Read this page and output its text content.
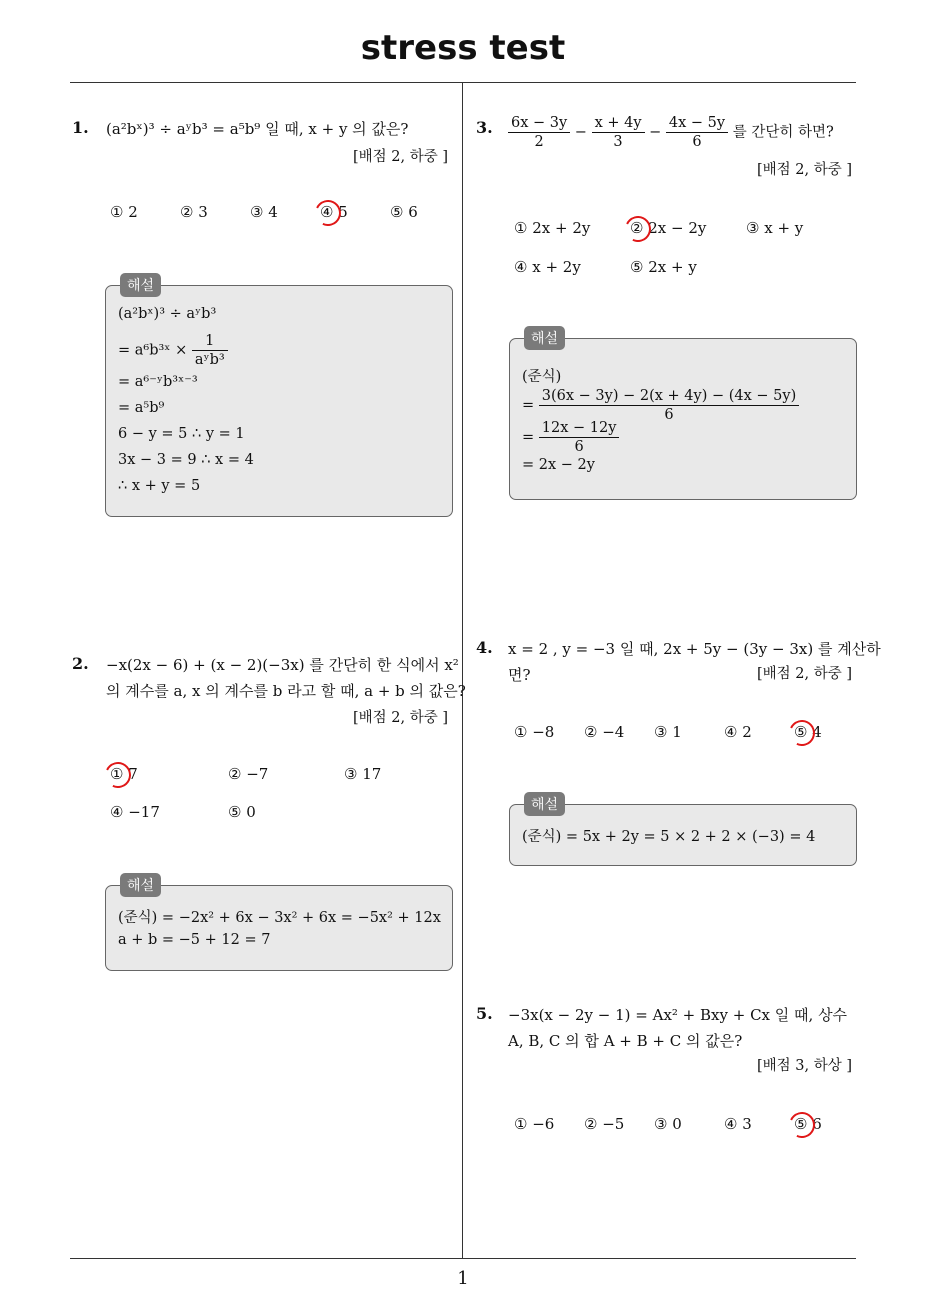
stress test
1
1. (a²bˣ)³ ÷ aʸb³ = a⁵b⁹ 일 때, x + y 의 값은?
[배점 2, 하중 ]
① 2	② 3	③ 4	④ 5	⑤ 6
(a²bˣ)³ ÷ aʸb³
= a⁶b³ˣ × $\frac{1}{\text{aʸb³}}$
= a⁶⁻ʸb³ˣ⁻³
= a⁵b⁹
6 − y = 5 ∴ y = 1
3x − 3 = 9 ∴ x = 4
∴ x + y = 5
해설
2. −x(2x − 6) + (x − 2)(−3x) 를 간단히 한 식에서 x²
의 계수를 a, x 의 계수를 b 라고 할 때, a + b 의 값은?
[배점 2, 하중 ]
① 7	② −7	③ 17
④ −17	⑤ 0
(준식) = −2x² + 6x − 3x² + 6x = −5x² + 12x
a + b = −5 + 12 = 7
해설
3. $\frac{6x - 3y}{2} - \frac{x + 4y}{3} - \frac{4x - 5y}{6}$ 를 간단히 하면?
[배점 2, 하중 ]
① 2x + 2y	② 2x − 2y	③ x + y
④ x + 2y	⑤ 2x + y
(준식)
= $\frac{3(6x - 3y) - 2(x + 4y) - (4x - 5y)}{6}$
= $\frac{12x - 12y}{6}$
= 2x − 2y
해설
4. x = 2 , y = −3 일 때, 2x + 5y − (3y − 3x) 를 계산하
면?	[배점 2, 하중 ]
① −8 ② −4 ③ 1	④ 2	⑤ 4
(준식) = 5x + 2y = 5 × 2 + 2 × (−3) = 4
해설
5. −3x(x − 2y − 1) = Ax² + Bxy + Cx 일 때, 상수
A, B, C 의 합 A + B + C 의 값은?
[배점 3, 하상 ]
① −6 ② −5 ③ 0	④ 3	⑤ 6
